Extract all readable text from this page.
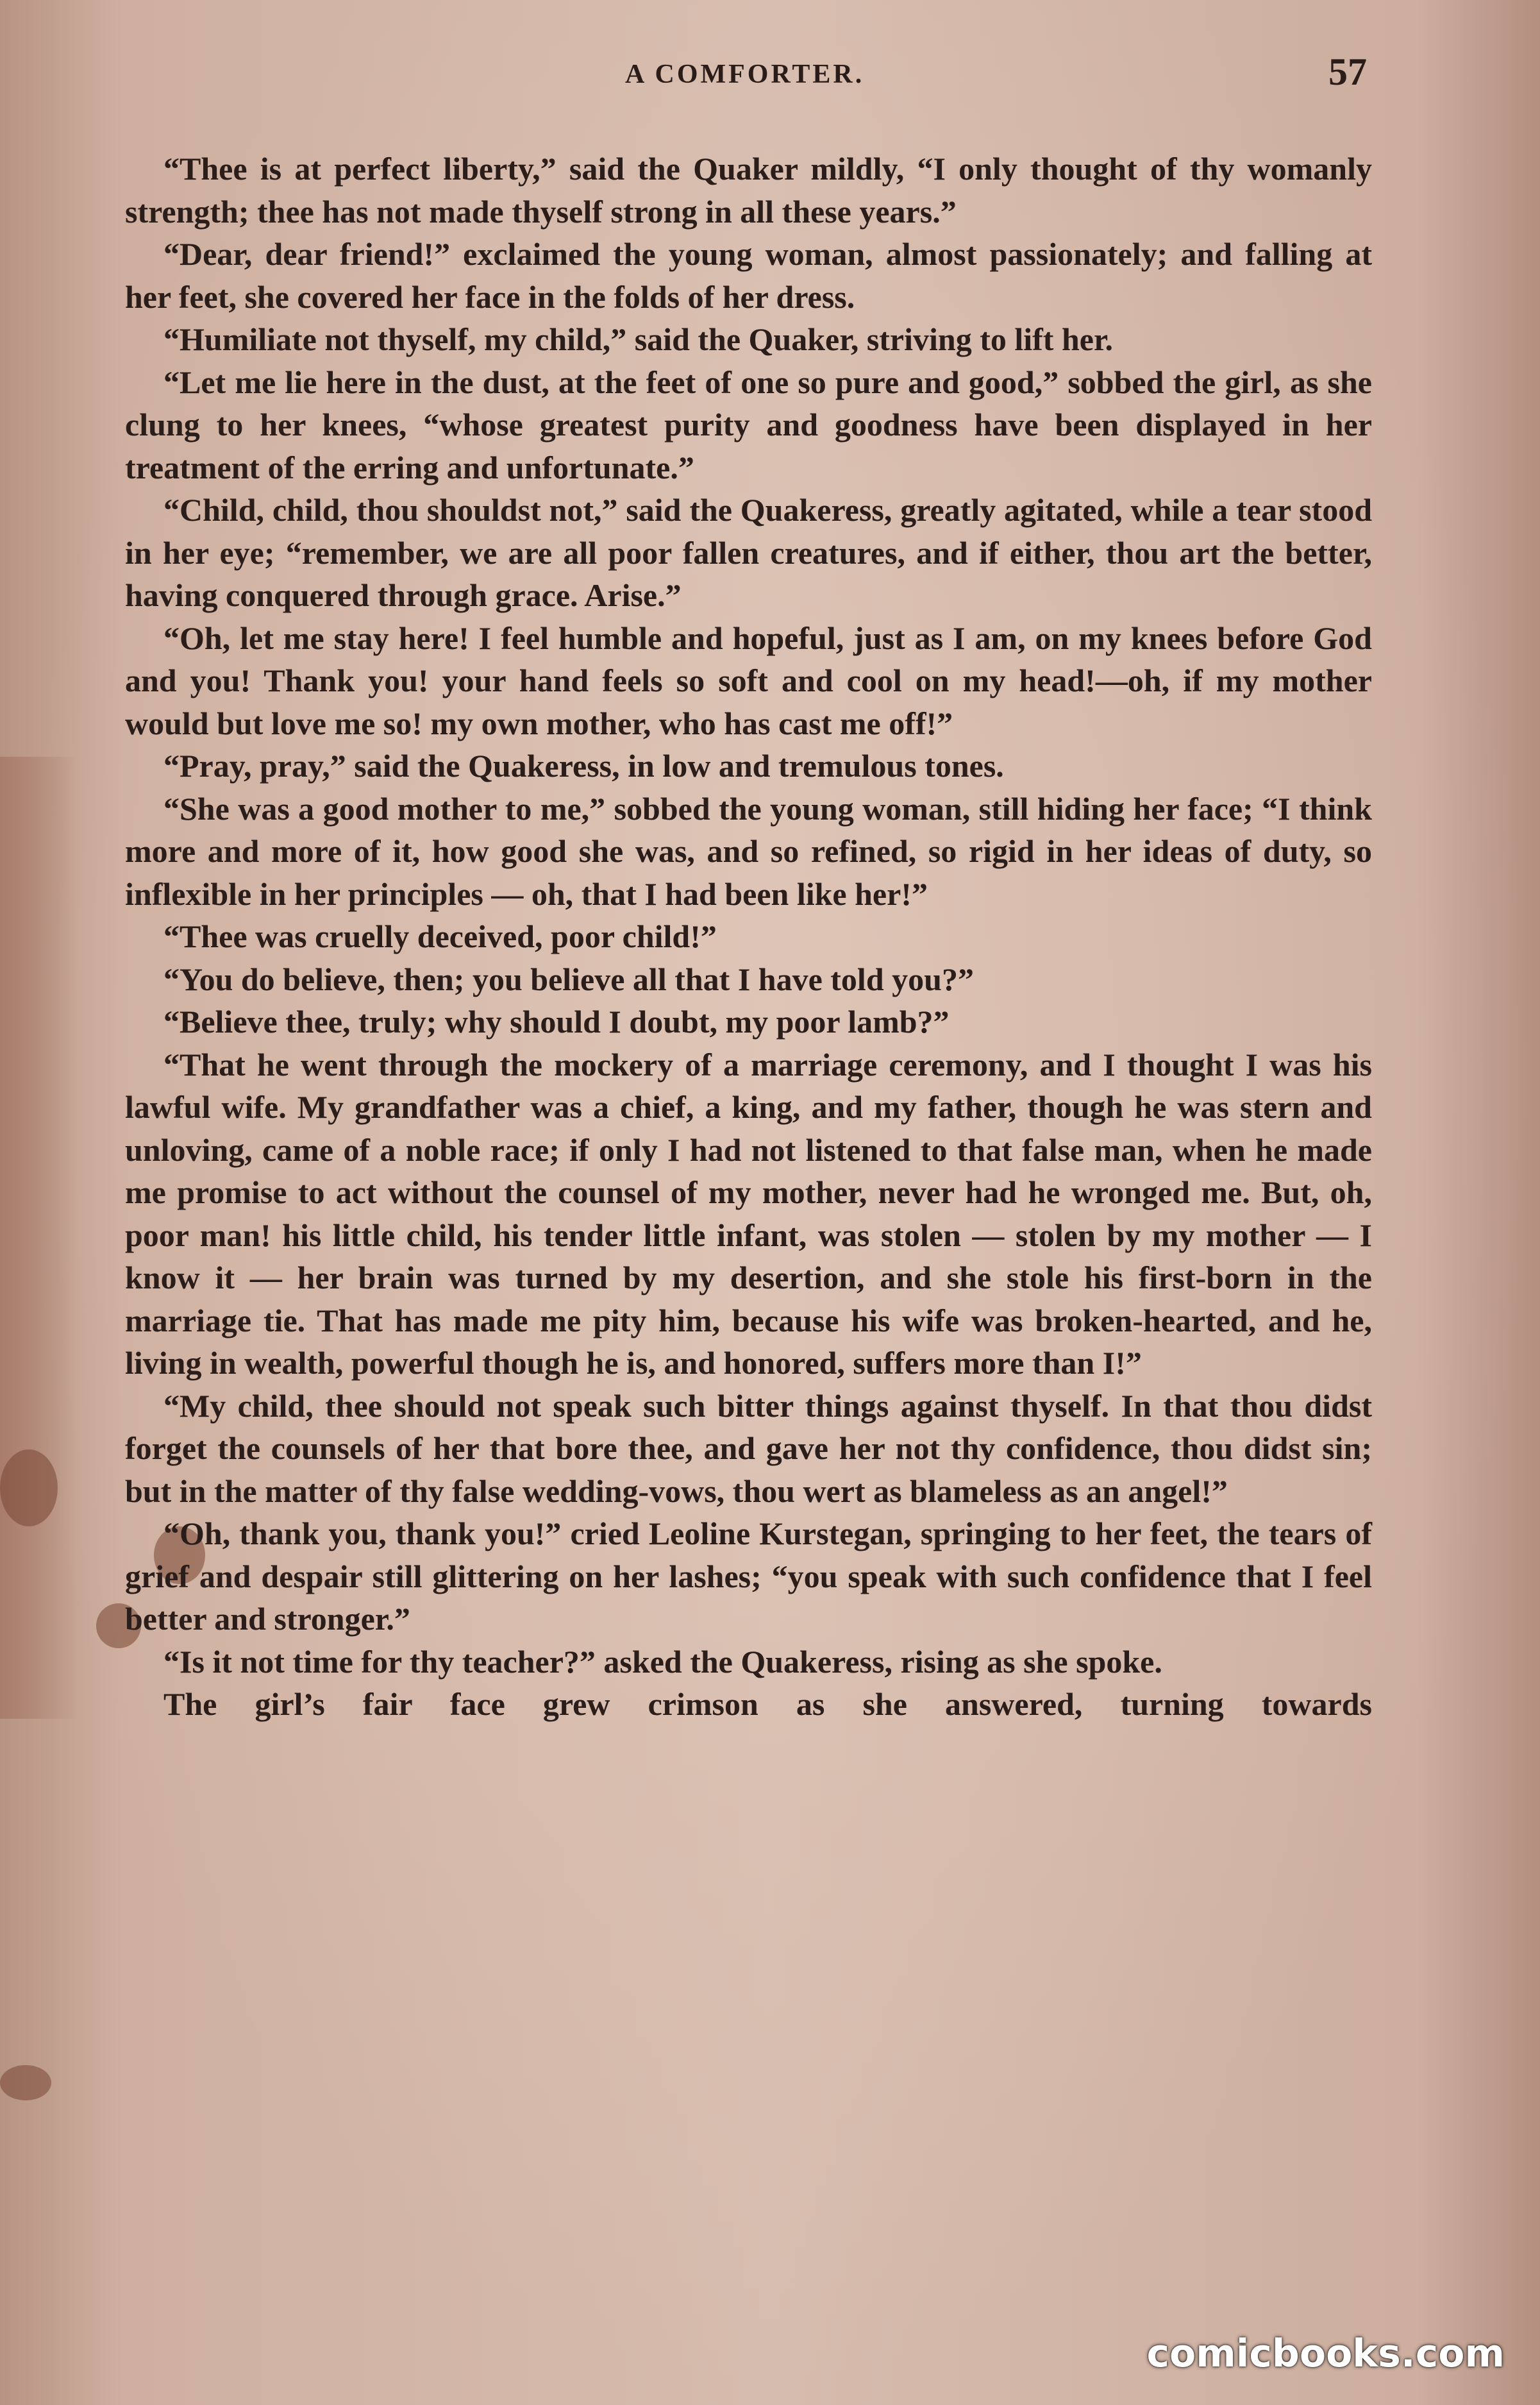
A COMFORTER.	57

“Thee is at perfect liberty,” said the Quaker mildly, “I only thought of thy womanly strength; thee has not made thyself strong in all these years.”

“Dear, dear friend!” exclaimed the young woman, almost passionately; and falling at her feet, she covered her face in the folds of her dress.

“Humiliate not thyself, my child,” said the Quaker, striving to lift her.

“Let me lie here in the dust, at the feet of one so pure and good,” sobbed the girl, as she clung to her knees, “whose greatest purity and goodness have been displayed in her treatment of the erring and unfortunate.”

“Child, child, thou shouldst not,” said the Quakeress, greatly agitated, while a tear stood in her eye; “remember, we are all poor fallen creatures, and if either, thou art the better, having conquered through grace. Arise.”

“Oh, let me stay here! I feel humble and hopeful, just as I am, on my knees before God and you! Thank you! your hand feels so soft and cool on my head!—oh, if my mother would but love me so! my own mother, who has cast me off!”

“Pray, pray,” said the Quakeress, in low and tremulous tones.

“She was a good mother to me,” sobbed the young woman, still hiding her face; “I think more and more of it, how good she was, and so refined, so rigid in her ideas of duty, so inflexible in her principles — oh, that I had been like her!”

“Thee was cruelly deceived, poor child!”

“You do believe, then; you believe all that I have told you?”

“Believe thee, truly; why should I doubt, my poor lamb?”

“That he went through the mockery of a marriage ceremony, and I thought I was his lawful wife. My grandfather was a chief, a king, and my father, though he was stern and unloving, came of a noble race; if only I had not listened to that false man, when he made me promise to act without the counsel of my mother, never had he wronged me. But, oh, poor man! his little child, his tender little infant, was stolen — stolen by my mother — I know it — her brain was turned by my desertion, and she stole his first-born in the marriage tie. That has made me pity him, because his wife was broken-hearted, and he, living in wealth, powerful though he is, and honored, suffers more than I!”

“My child, thee should not speak such bitter things against thyself. In that thou didst forget the counsels of her that bore thee, and gave her not thy confidence, thou didst sin; but in the matter of thy false wedding-vows, thou wert as blameless as an angel!”

“Oh, thank you, thank you!” cried Leoline Kurstegan, springing to her feet, the tears of grief and despair still glittering on her lashes; “you speak with such confidence that I feel better and stronger.”

“Is it not time for thy teacher?” asked the Quakeress, rising as she spoke.

The girl’s fair face grew crimson as she answered, turning towards

comicbooks.com
